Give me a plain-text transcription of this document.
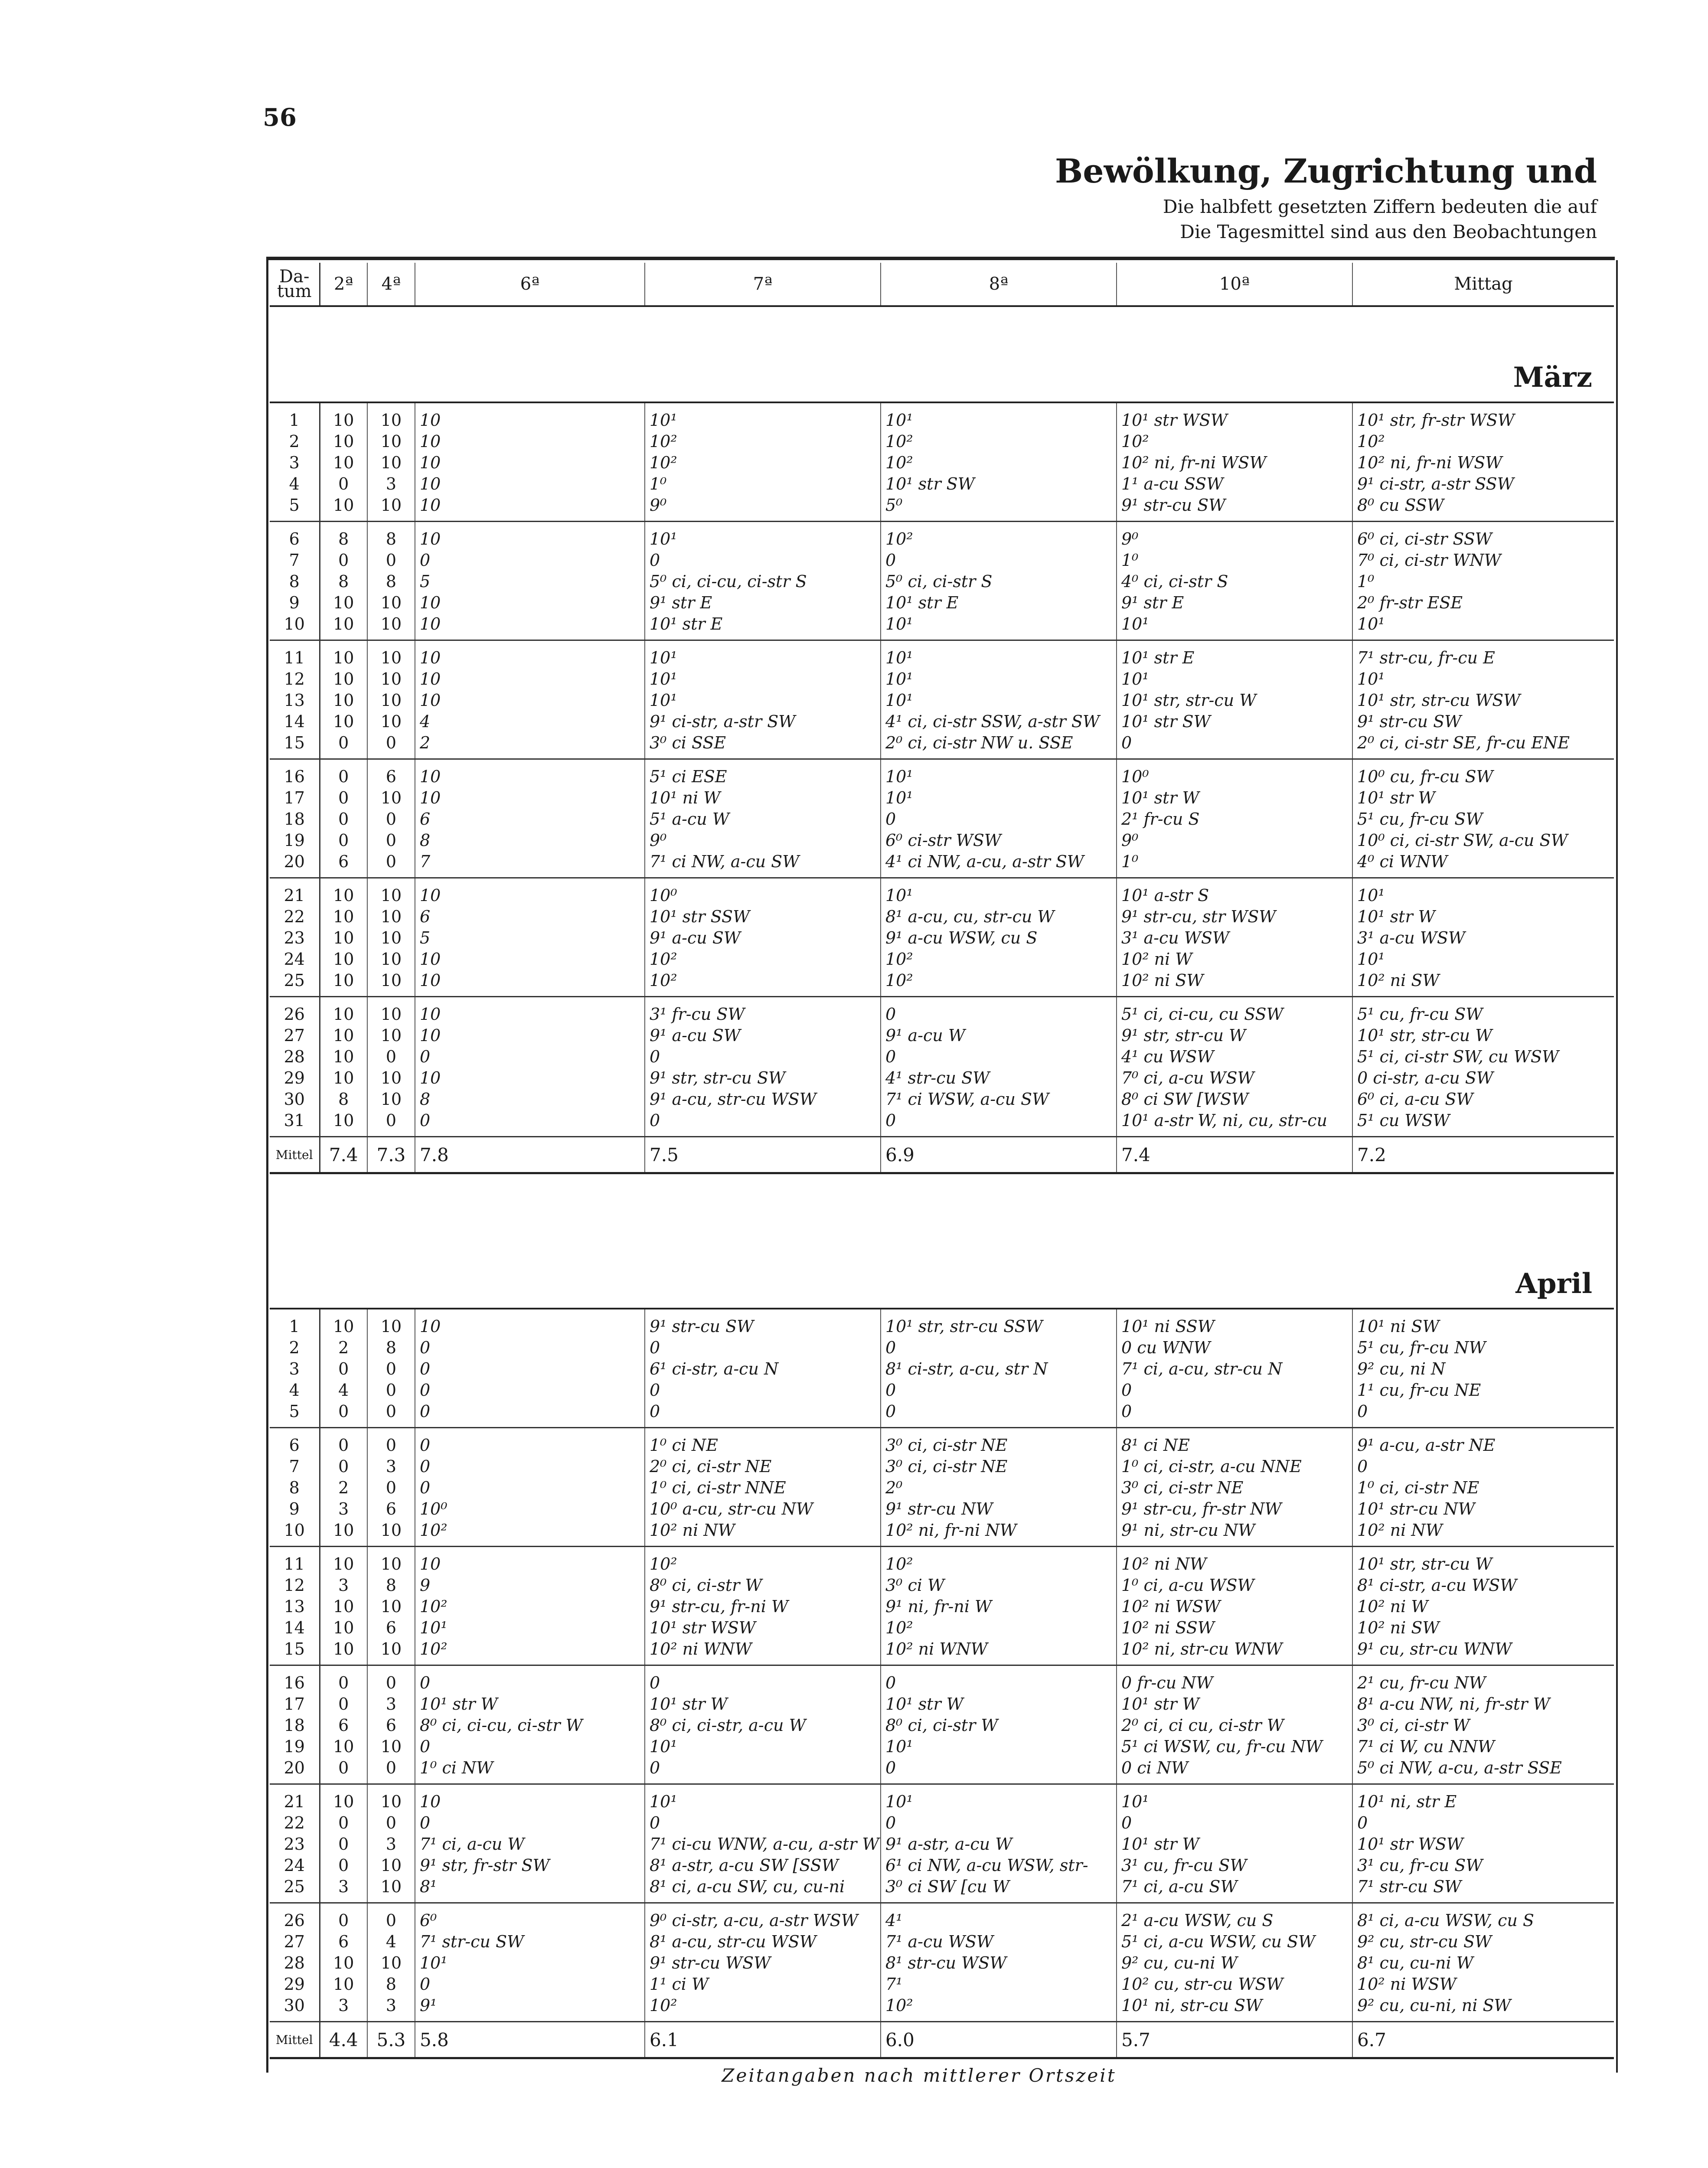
56
Bewölkung, Zugrichtung und
Die halbfett gesetzten Ziffern bedeuten die auf
Die Tagesmittel sind aus den Beobachtungen
Da-
tum	2ª	4ª	6ª	7ª	8ª	10ª	Mittag
März							
1	10	10	10	10¹	10¹	10¹ str WSW	10¹ str, fr-str WSW
2	10	10	10	10²	10²	10²	10²
3	10	10	10	10²	10²	10² ni, fr-ni WSW	10² ni, fr-ni WSW
4	0	3	10	1⁰	10¹ str SW	1¹ a-cu SSW	9¹ ci-str, a-str SSW
5	10	10	10	9⁰	5⁰	9¹ str-cu SW	8⁰ cu SSW
6	8	8	10	10¹	10²	9⁰	6⁰ ci, ci-str SSW
7	0	0	0	0	0	1⁰	7⁰ ci, ci-str WNW
8	8	8	5	5⁰ ci, ci-cu, ci-str S	5⁰ ci, ci-str S	4⁰ ci, ci-str S	1⁰
9	10	10	10	9¹ str E	10¹ str E	9¹ str E	2⁰ fr-str ESE
10	10	10	10	10¹ str E	10¹	10¹	10¹
11	10	10	10	10¹	10¹	10¹ str E	7¹ str-cu, fr-cu E
12	10	10	10	10¹	10¹	10¹	10¹
13	10	10	10	10¹	10¹	10¹ str, str-cu W	10¹ str, str-cu WSW
14	10	10	4	9¹ ci-str, a-str SW	4¹ ci, ci-str SSW, a-str SW	10¹ str SW	9¹ str-cu SW
15	0	0	2	3⁰ ci SSE	2⁰ ci, ci-str NW u. SSE	0	2⁰ ci, ci-str SE, fr-cu ENE
16	0	6	10	5¹ ci ESE	10¹	10⁰	10⁰ cu, fr-cu SW
17	0	10	10	10¹ ni W	10¹	10¹ str W	10¹ str W
18	0	0	6	5¹ a-cu W	0	2¹ fr-cu S	5¹ cu, fr-cu SW
19	0	0	8	9⁰	6⁰ ci-str WSW	9⁰	10⁰ ci, ci-str SW, a-cu SW
20	6	0	7	7¹ ci NW, a-cu SW	4¹ ci NW, a-cu, a-str SW	1⁰	4⁰ ci WNW
21	10	10	10	10⁰	10¹	10¹ a-str S	10¹
22	10	10	6	10¹ str SSW	8¹ a-cu, cu, str-cu W	9¹ str-cu, str WSW	10¹ str W
23	10	10	5	9¹ a-cu SW	9¹ a-cu WSW, cu S	3¹ a-cu WSW	3¹ a-cu WSW
24	10	10	10	10²	10²	10² ni W	10¹
25	10	10	10	10²	10²	10² ni SW	10² ni SW
26	10	10	10	3¹ fr-cu SW	0	5¹ ci, ci-cu, cu SSW	5¹ cu, fr-cu SW
27	10	10	10	9¹ a-cu SW	9¹ a-cu W	9¹ str, str-cu W	10¹ str, str-cu W
28	10	0	0	0	0	4¹ cu WSW	5¹ ci, ci-str SW, cu WSW
29	10	10	10	9¹ str, str-cu SW	4¹ str-cu SW	7⁰ ci, a-cu WSW	0 ci-str, a-cu SW
30	8	10	8	9¹ a-cu, str-cu WSW	7¹ ci WSW, a-cu SW	8⁰ ci SW [WSW	6⁰ ci, a-cu SW
31	10	0	0	0	0	10¹ a-str W, ni, cu, str-cu	5¹ cu WSW
Mittel	7.4	7.3	7.8	7.5	6.9	7.4	7.2

April							
1	10	10	10	9¹ str-cu SW	10¹ str, str-cu SSW	10¹ ni SSW	10¹ ni SW
2	2	8	0	0	0	0 cu WNW	5¹ cu, fr-cu NW
3	0	0	0	6¹ ci-str, a-cu N	8¹ ci-str, a-cu, str N	7¹ ci, a-cu, str-cu N	9² cu, ni N
4	4	0	0	0	0	0	1¹ cu, fr-cu NE
5	0	0	0	0	0	0	0
6	0	0	0	1⁰ ci NE	3⁰ ci, ci-str NE	8¹ ci NE	9¹ a-cu, a-str NE
7	0	3	0	2⁰ ci, ci-str NE	3⁰ ci, ci-str NE	1⁰ ci, ci-str, a-cu NNE	0
8	2	0	0	1⁰ ci, ci-str NNE	2⁰	3⁰ ci, ci-str NE	1⁰ ci, ci-str NE
9	3	6	10⁰	10⁰ a-cu, str-cu NW	9¹ str-cu NW	9¹ str-cu, fr-str NW	10¹ str-cu NW
10	10	10	10²	10² ni NW	10² ni, fr-ni NW	9¹ ni, str-cu NW	10² ni NW
11	10	10	10	10²	10²	10² ni NW	10¹ str, str-cu W
12	3	8	9	8⁰ ci, ci-str W	3⁰ ci W	1⁰ ci, a-cu WSW	8¹ ci-str, a-cu WSW
13	10	10	10²	9¹ str-cu, fr-ni W	9¹ ni, fr-ni W	10² ni WSW	10² ni W
14	10	6	10¹	10¹ str WSW	10²	10² ni SSW	10² ni SW
15	10	10	10²	10² ni WNW	10² ni WNW	10² ni, str-cu WNW	9¹ cu, str-cu WNW
16	0	0	0	0	0	0 fr-cu NW	2¹ cu, fr-cu NW
17	0	3	10¹ str W	10¹ str W	10¹ str W	10¹ str W	8¹ a-cu NW, ni, fr-str W
18	6	6	8⁰ ci, ci-cu, ci-str W	8⁰ ci, ci-str, a-cu W	8⁰ ci, ci-str W	2⁰ ci, ci cu, ci-str W	3⁰ ci, ci-str W
19	10	10	0	10¹	10¹	5¹ ci WSW, cu, fr-cu NW	7¹ ci W, cu NNW
20	0	0	1⁰ ci NW	0	0	0 ci NW	5⁰ ci NW, a-cu, a-str SSE
21	10	10	10	10¹	10¹	10¹	10¹ ni, str E
22	0	0	0	0	0	0	0
23	0	3	7¹ ci, a-cu W	7¹ ci-cu WNW, a-cu, a-str W	9¹ a-str, a-cu W	10¹ str W	10¹ str WSW
24	0	10	9¹ str, fr-str SW	8¹ a-str, a-cu SW [SSW	6¹ ci NW, a-cu WSW, str-	3¹ cu, fr-cu SW	3¹ cu, fr-cu SW
25	3	10	8¹	8¹ ci, a-cu SW, cu, cu-ni	3⁰ ci SW [cu W	7¹ ci, a-cu SW	7¹ str-cu SW
26	0	0	6⁰	9⁰ ci-str, a-cu, a-str WSW	4¹	2¹ a-cu WSW, cu S	8¹ ci, a-cu WSW, cu S
27	6	4	7¹ str-cu SW	8¹ a-cu, str-cu WSW	7¹ a-cu WSW	5¹ ci, a-cu WSW, cu SW	9² cu, str-cu SW
28	10	10	10¹	9¹ str-cu WSW	8¹ str-cu WSW	9² cu, cu-ni W	8¹ cu, cu-ni W
29	10	8	0	1¹ ci W	7¹	10² cu, str-cu WSW	10² ni WSW
30	3	3	9¹	10²	10²	10¹ ni, str-cu SW	9² cu, cu-ni, ni SW
Mittel	4.4	5.3	5.8	6.1	6.0	5.7	6.7
Zeitangaben nach mittlerer Ortszeit
